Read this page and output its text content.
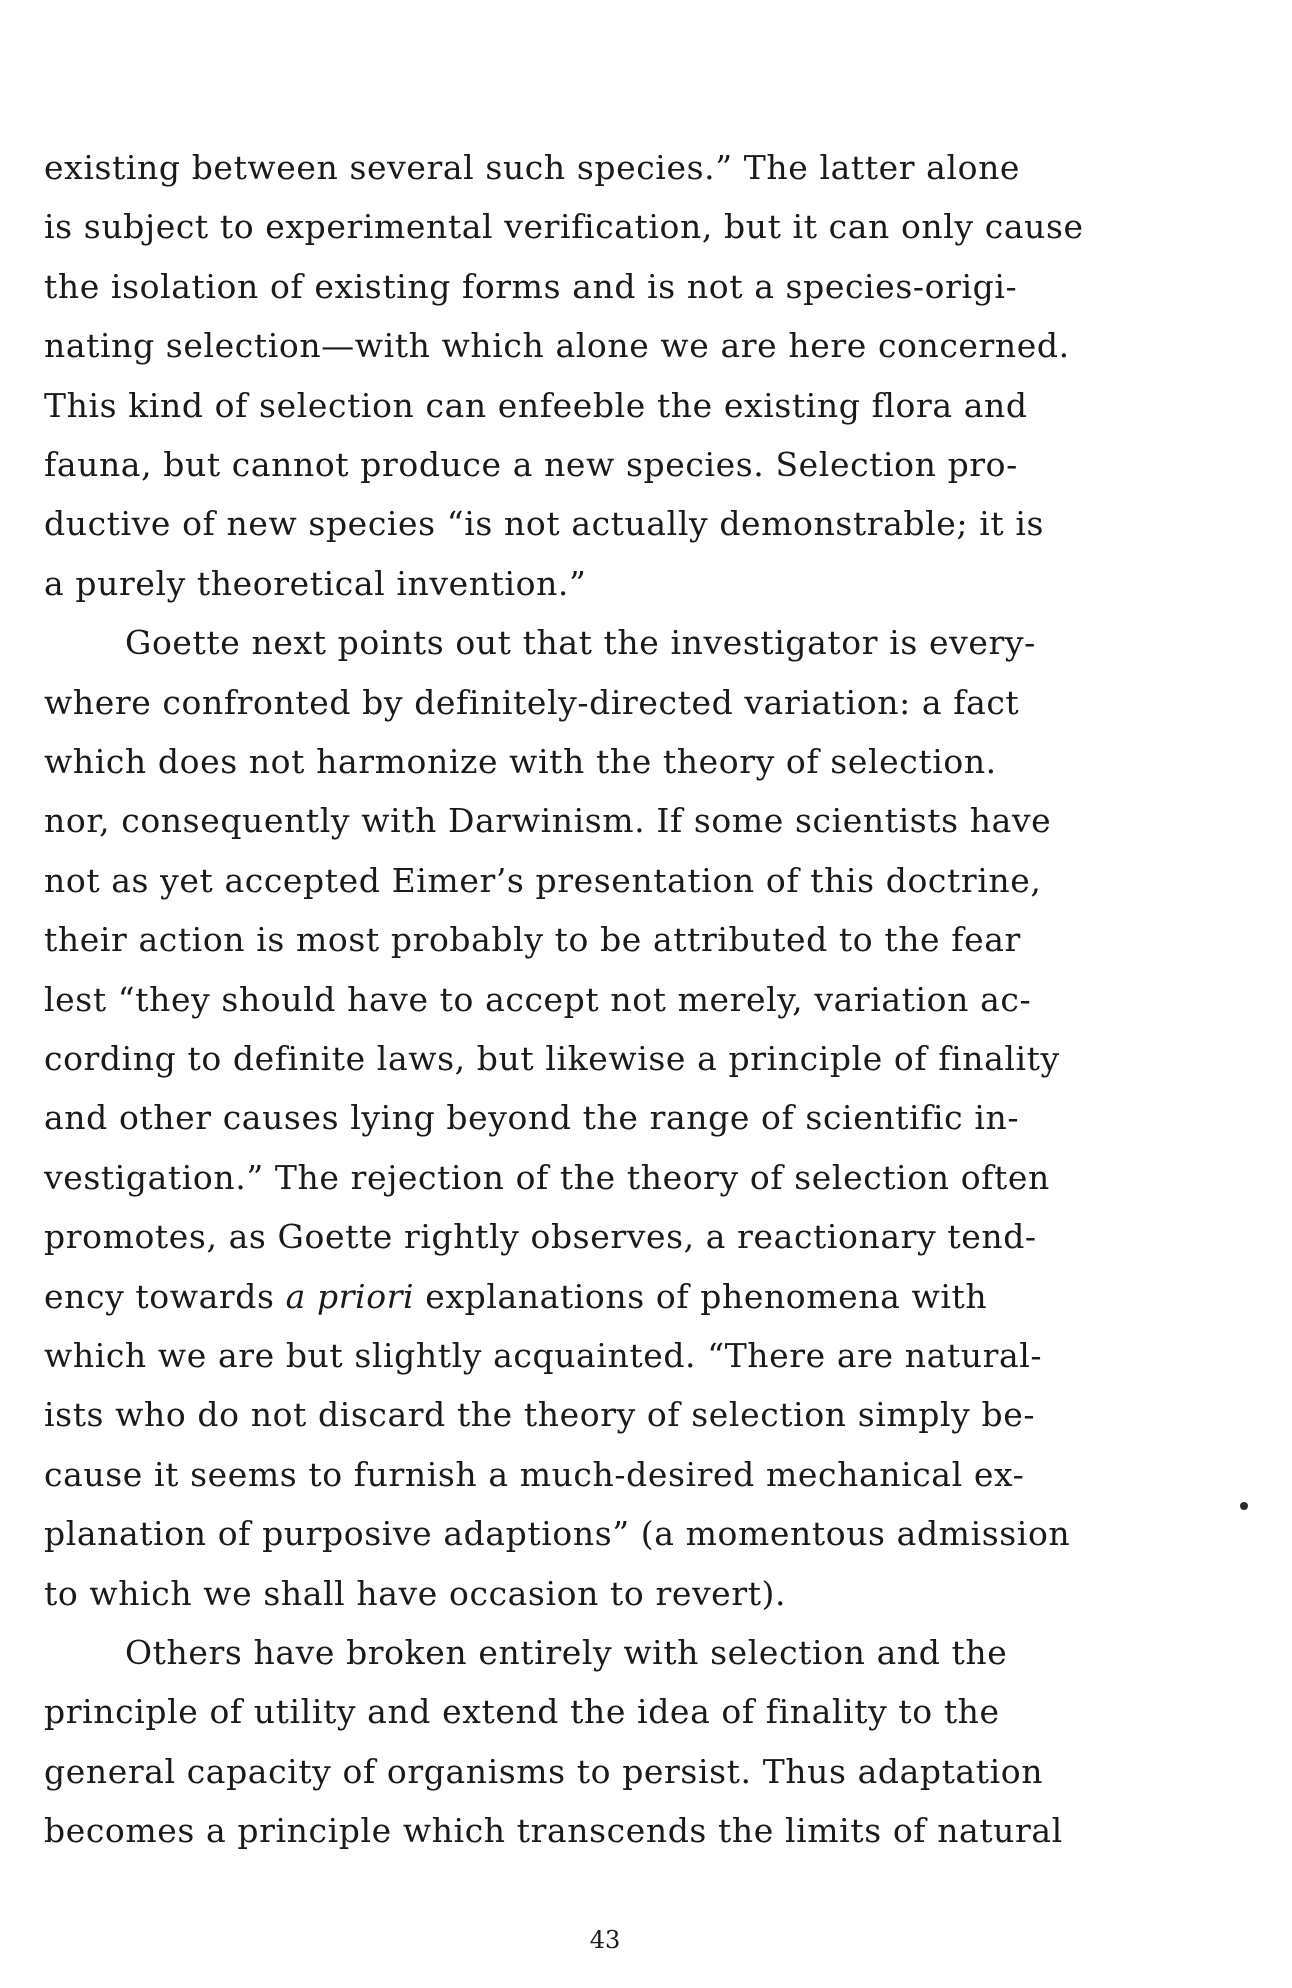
existing between several such species.” The latter alone
is subject to experimental verification, but it can only cause
the isolation of existing forms and is not a species-origi-
nating selection—with which alone we are here concerned.
This kind of selection can enfeeble the existing flora and
fauna, but cannot produce a new species. Selection pro-
ductive of new species “is not actually demonstrable; it is
a purely theoretical invention.”
Goette next points out that the investigator is every-
where confronted by definitely-directed variation: a fact
which does not harmonize with the theory of selection.
nor, consequently with Darwinism. If some scientists have
not as yet accepted Eimer’s presentation of this doctrine,
their action is most probably to be attributed to the fear
lest “they should have to accept not merely, variation ac-
cording to definite laws, but likewise a principle of finality
and other causes lying beyond the range of scientific in-
vestigation.” The rejection of the theory of selection often
promotes, as Goette rightly observes, a reactionary tend-
ency towards a priori explanations of phenomena with
which we are but slightly acquainted. “There are natural-
ists who do not discard the theory of selection simply be-
cause it seems to furnish a much-desired mechanical ex-
planation of purposive adaptions” (a momentous admission
to which we shall have occasion to revert).
Others have broken entirely with selection and the
principle of utility and extend the idea of finality to the
general capacity of organisms to persist. Thus adaptation
becomes a principle which transcends the limits of natural
43
